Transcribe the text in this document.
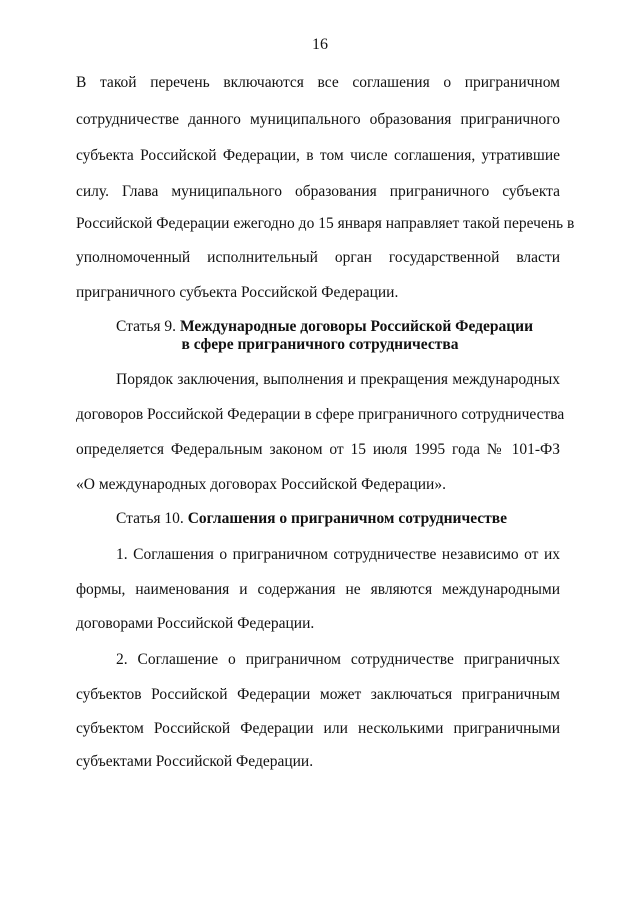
16
В такой перечень включаются все соглашения о приграничном
сотрудничестве данного муниципального образования приграничного
субъекта Российской Федерации, в том числе соглашения, утратившие
силу. Глава муниципального образования приграничного субъекта
Российской Федерации ежегодно до 15 января направляет такой перечень в
уполномоченный исполнительный орган государственной власти
приграничного субъекта Российской Федерации.
Статья 9. Международные договоры Российской Федерации
в сфере приграничного сотрудничества
Порядок заключения, выполнения и прекращения международных
договоров Российской Федерации в сфере приграничного сотрудничества
определяется Федеральным законом от 15 июля 1995 года № 101-ФЗ
«О международных договорах Российской Федерации».
Статья 10. Соглашения о приграничном сотрудничестве
1. Соглашения о приграничном сотрудничестве независимо от их
формы, наименования и содержания не являются международными
договорами Российской Федерации.
2. Соглашение о приграничном сотрудничестве приграничных
субъектов Российской Федерации может заключаться приграничным
субъектом Российской Федерации или несколькими приграничными
субъектами Российской Федерации.
